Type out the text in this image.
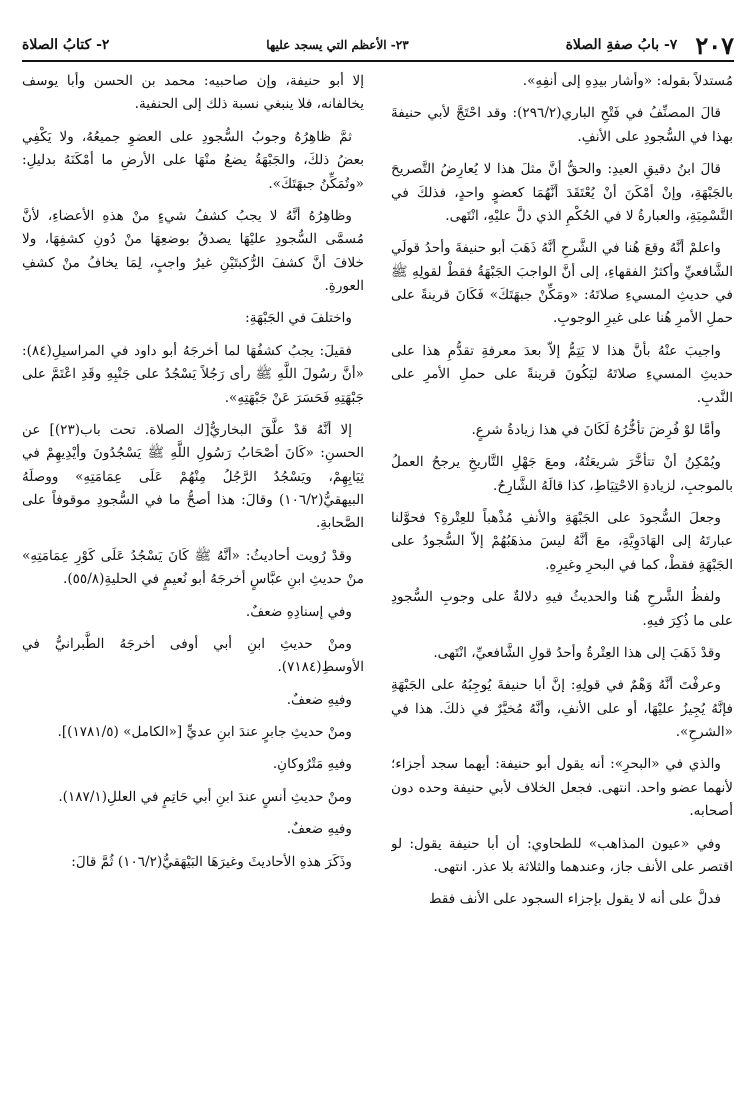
٢٠٧
٧- بابُ صفةِ الصلاة
٢٣- الأعظم التي يسجد عليها
٢- كتابُ الصلاة

مُستدلاً بقوله: «وأشار بيدِهِ إلى أنفِهِ».

قالَ المصنِّفُ في فَتْحِ الباري(٢٩٦/٢): وقد احْتَجَّ لأبي حنيفةَ بهذا في السُّجودِ على الأنفِ.

قالَ ابنُ دقيقِ العيدِ: والحقُّ أنَّ مثلَ هذا لا يُعارِضُ التَّصريحَ بالجَبْهَةِ، وإنْ أمْكَنَ أنْ يُعْتَقَدَ أنَّهُمَا كعضوٍ واحدٍ، فذلكَ في التَّسْمِيَةِ، والعبارةُ لا في الحُكْمِ الذي دلَّ عليْهِ، انْتَهى.

واعلمْ أنَّهُ وقعَ هُنا في الشَّرحِ أنَّهُ ذَهَبَ أبو حنيفةَ وأحدُ قولَي الشَّافعيِّ وأكثرُ الفقهاءِ، إلى أنَّ الواجبَ الجَبْهَةُ فقطْ لقولِهِ ﷺ في حديثِ المسيءِ صلاتَهُ: «ومَكِّنْ جبهَتَكَ» فَكَانَ قرينةً على حملِ الأمرِ هُنا على غيرِ الوجوبِ.

واجيبَ عنْهُ بأنَّ هذا لا يَتِمُّ إلاّ بعدَ معرفةِ تقدُّمِ هذا على حديثِ المسيءِ صلاتَهُ ليَكُونَ قرينةً على حملِ الأمرِ على النَّدبِ.

وأمَّا لوْ فُرِضَ تأخُّرُهُ لَكَانَ في هذا زيادةُ شرعٍ.

ويُمْكِنُ أنْ تتأخَّرَ شريعَتُهُ، ومعَ جَهْلِ التَّاريخِ يرجحُ العملُ بالموجبِ، لزيادةِ الاحْتِيَاطِ، كذا قالَهُ الشَّارِحُ.

وجعلَ السُّجودَ على الجَبْهَةِ والأنفِ مُذْهباً للعِتْرةِ؟ فحوَّلنا عبارتَهُ إلى الهَادَوِيَّةِ، معَ أنَّهُ ليسَ مذهَبُهُمْ إلاّ السُّجودُ على الجَبْهَةِ فقطْ، كما في البحرِ وغيرِهِ.

ولفظُ الشَّرحِ هُنا والحديثُ فيهِ دلالةٌ على وجوبِ السُّجودِ على ما ذُكِرَ فيهِ.

وقدْ ذَهَبَ إلى هذا العِتْرةُ وأحدُ قولِ الشَّافعيِّ، انْتَهى.

وعرفْتَ أنَّهُ وَهْمٌ في قولِهِ: إنَّ أبا حنيفةَ يُوجِبُهُ على الجَبْهَةِ فإنَّهُ يُجِيزُ عليْهَا، أو على الأنفِ، وأنَّهُ مُخيَّرٌ في ذلكَ. هذا في «الشرحِ».

والذي في «البحرِ»: أنه يقول أبو حنيفة: أيهما سجد أجزاء؛ لأنهما عضو واحد. انتهى. فجعل الخلاف لأبي حنيفة وحده دون أصحابه.

وفي «عيون المذاهب» للطحاوي: أن أبا حنيفة يقول: لو اقتصر على الأنف جاز، وعندهما والثلاثة بلا عذر. انتهى.

فدلَّ على أنه لا يقول بإجزاء السجود على الأنف فقط

إلا أبو حنيفة، وإن صاحبيه: محمد بن الحسن وأبا يوسف يخالفانه، فلا ينبغي نسبة ذلك إلى الحنفية.

ثمَّ ظاهِرُهُ وجوبُ السُّجودِ على العضوِ جميعُهُ، ولا يَكْفِي بعضُ ذلكَ، والجَبْهَةُ يضعُ منْهَا على الأرضِ ما أمْكَنَهُ بدليلِ: «وتُمَكِّنُ جبهَتَكَ».

وظاهِرُهُ أنَّهُ لا يجبُ كشفُ شيءٍ منْ هذهِ الأعضاءِ، لأنَّ مُسمَّى السُّجودِ عليْهَا يصدقُ بوضعِهَا منْ دُونِ كشفِهَا، ولا خلافَ أنَّ كشفَ الرُّكبتَيْنِ غيرُ واجبٍ، لِمَا يخافُ منْ كشفِ العورةِ.

واختلفَ في الجَبْهَةِ:

فقيلَ: يجبُ كشفُهَا لما أخرجَهُ أبو داود في المراسيلِ(٨٤): «أنَّ رسُولَ اللَّهِ ﷺ رأى رَجُلاً يَسْجُدُ على جَنْبِهِ وقَدِ اعْتَمَّ على جَبْهَتِهِ فَحَسَرَ عَنْ جَبْهَتِهِ».

إلا أنَّهُ قدْ علَّقَ البخاريُّ[ك الصلاة. تحت باب(٢٣)] عن الحسنِ: «كَانَ أصْحَابُ رَسُولِ اللَّهِ ﷺ يَسْجُدُونَ وأيْدِيهِمْ في ثِيَابِهِمْ، ويَسْجُدُ الرَّجُلُ مِنْهُمْ عَلَى عِمَامَتِهِ» ووصلَهُ البيهقيُّ(١٠٦/٢) وقالَ: هذا أصحُّ ما في السُّجودِ موقوفاً على الصَّحابةِ.

وقدْ رُويت أحاديثُ: «أنَّهُ ﷺ كَانَ يَسْجُدُ عَلَى كَوْرِ عِمَامَتِهِ» منْ حديثِ ابنِ عبَّاسٍ أخرجَهُ أبو نُعيمٍ في الحليةِ(٥٥/٨).

وفي إسنادِهِ ضعفٌ.

ومنْ حديثِ ابنِ أبي أوفى أخرجَهُ الطَّبرانيُّ في الأوسطِ(٧١٨٤).

وفيهِ ضعفٌ.

ومنْ حديثِ جابرٍ عندَ ابنِ عديٍّ [«الكامل» (١٧٨١/٥)].

وفيهِ مَتْرُوكانِ.

ومنْ حديثِ أنسٍ عندَ ابنِ أبي حَاتِمٍ في العللِ(١٨٧/١).

وفيهِ ضعفٌ.

وذَكَرَ هذهِ الأحاديثَ وغيرَهَا البَيْهَقيُّ(١٠٦/٢) ثُمَّ قالَ:
